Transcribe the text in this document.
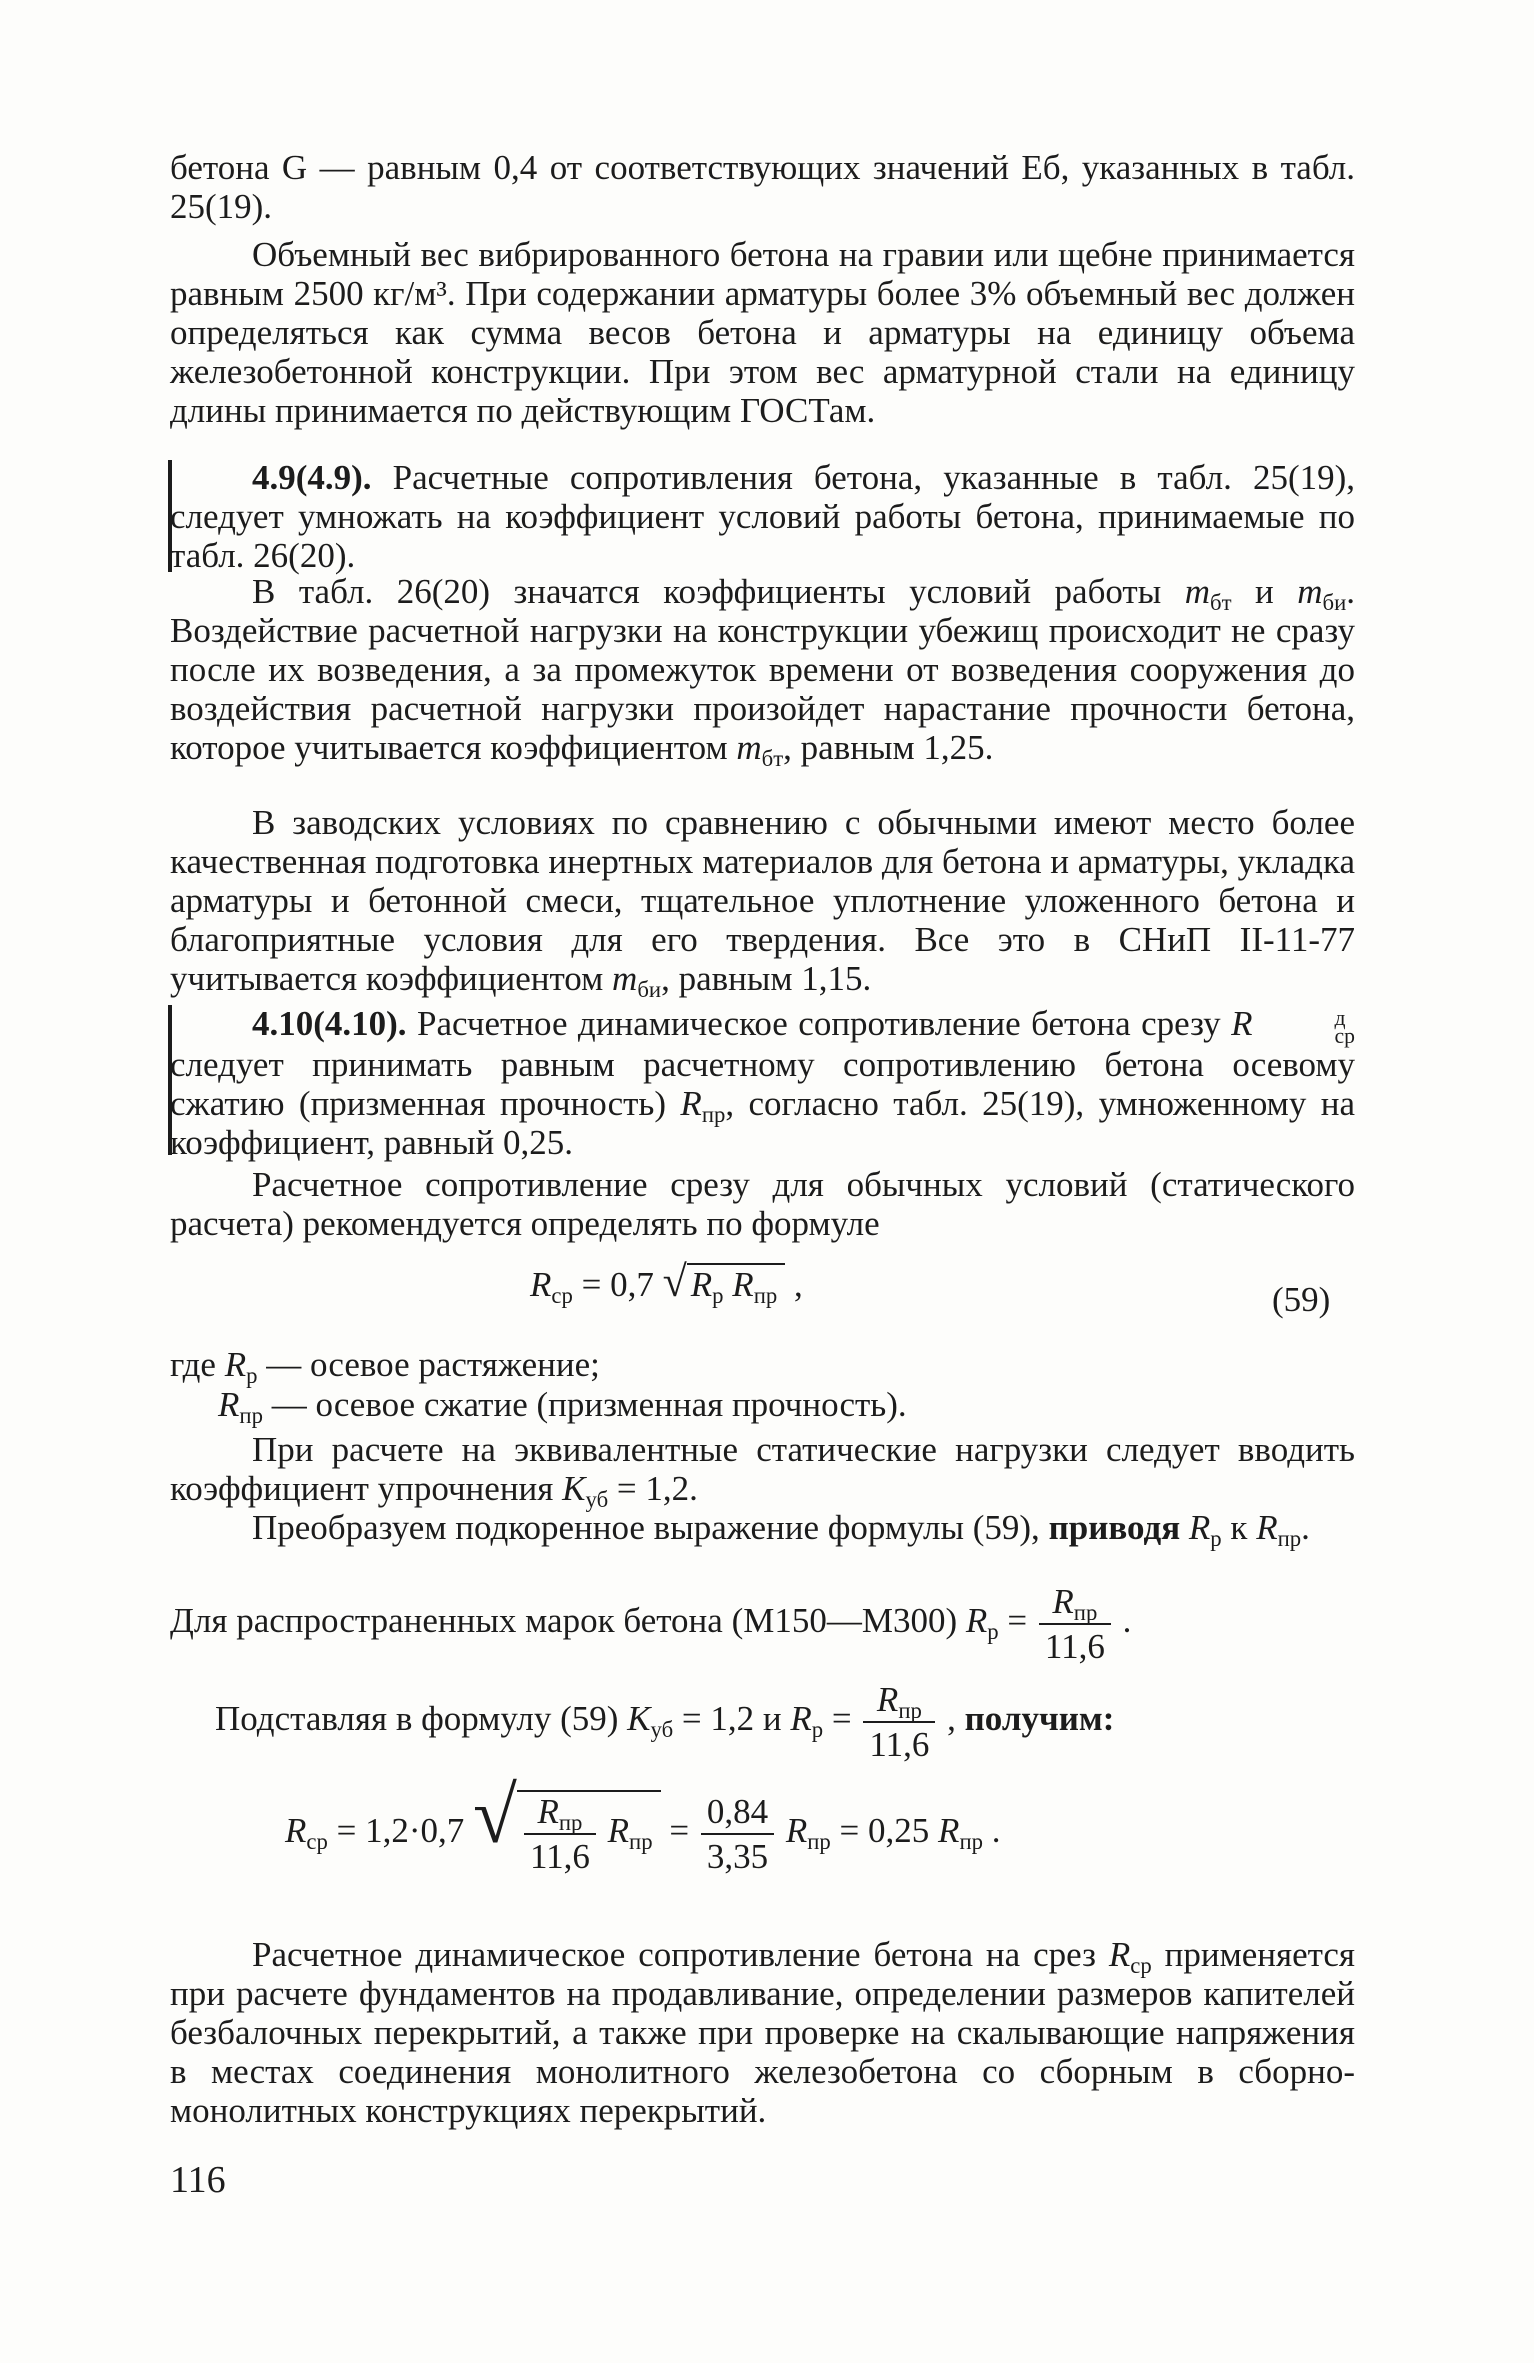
бетона G — равным 0,4 от соответствующих значений Eб, указанных в табл. 25(19).

Объемный вес вибрированного бетона на гравии или щебне принимается равным 2500 кг/м³. При содержании арматуры более 3% объемный вес должен определяться как сумма весов бетона и арматуры на единицу объема железобетонной конструкции. При этом вес арматурной стали на единицу длины принимается по действующим ГОСТам.

4.9(4.9). Расчетные сопротивления бетона, указанные в табл. 25(19), следует умножать на коэффициент условий работы бетона, принимаемые по табл. 26(20).

В табл. 26(20) значатся коэффициенты условий работы $m_{бт}$ и $m_{би}$. Воздействие расчетной нагрузки на конструкции убежищ происходит не сразу после их возведения, а за промежуток времени от возведения сооружения до воздействия расчетной нагрузки произойдет нарастание прочности бетона, которое учитывается коэффициентом $m_{бт}$, равным 1,25.

В заводских условиях по сравнению с обычными имеют место более качественная подготовка инертных материалов для бетона и арматуры, укладка арматуры и бетонной смеси, тщательное уплотнение уложенного бетона и благоприятные условия для его твердения. Все это в СНиП II-11-77 учитывается коэффициентом $m_{би}$, равным 1,15.

4.10(4.10). Расчетное динамическое сопротивление бетона срезу R	д
ср
следует принимать равным расчетному сопротивлению бетона осевому сжатию (призменная прочность) $R_{пр}$, согласно табл. 25(19), умноженному на коэффициент, равный 0,25.

Расчетное сопротивление срезу для обычных условий (статического расчета) рекомендуется определять по формуле

$R_{ср} = 0,7$ √ $R_р$ $R_{пр}$ ,	(59)
где $R_р$ — осевое растяжение;
$R_{пр}$ — осевое сжатие (призменная прочность).

При расчете на эквивалентные статические нагрузки следует вводить коэффициент упрочнения $K_{уб} = 1,2$.

Преобразуем подкоренное выражение формулы (59), приводя $R_р$ к $R_{пр}$.

Для распространенных марок бетона (М150—М300) $R_р = \frac{R_{пр}}{11,6}$ .
Подставляя в формулу (59) $K_{уб} = 1,2$ и $R_р = \frac{R_{пр}}{11,6}$ , получим:
$R_{ср} = 1,2\cdot 0,7$ √ $\frac{R_{пр}}{11,6} R_{пр} = \frac{0,84}{3,35} R_{пр} = 0,25$ $R_{пр}$ .

Расчетное динамическое сопротивление бетона на срез $R_{ср}$ применяется при расчете фундаментов на продавливание, определении размеров капителей безбалочных перекрытий, а также при проверке на скалывающие напряжения в местах соединения монолитного железобетона со сборным в сборно-монолитных конструкциях перекрытий.

116
